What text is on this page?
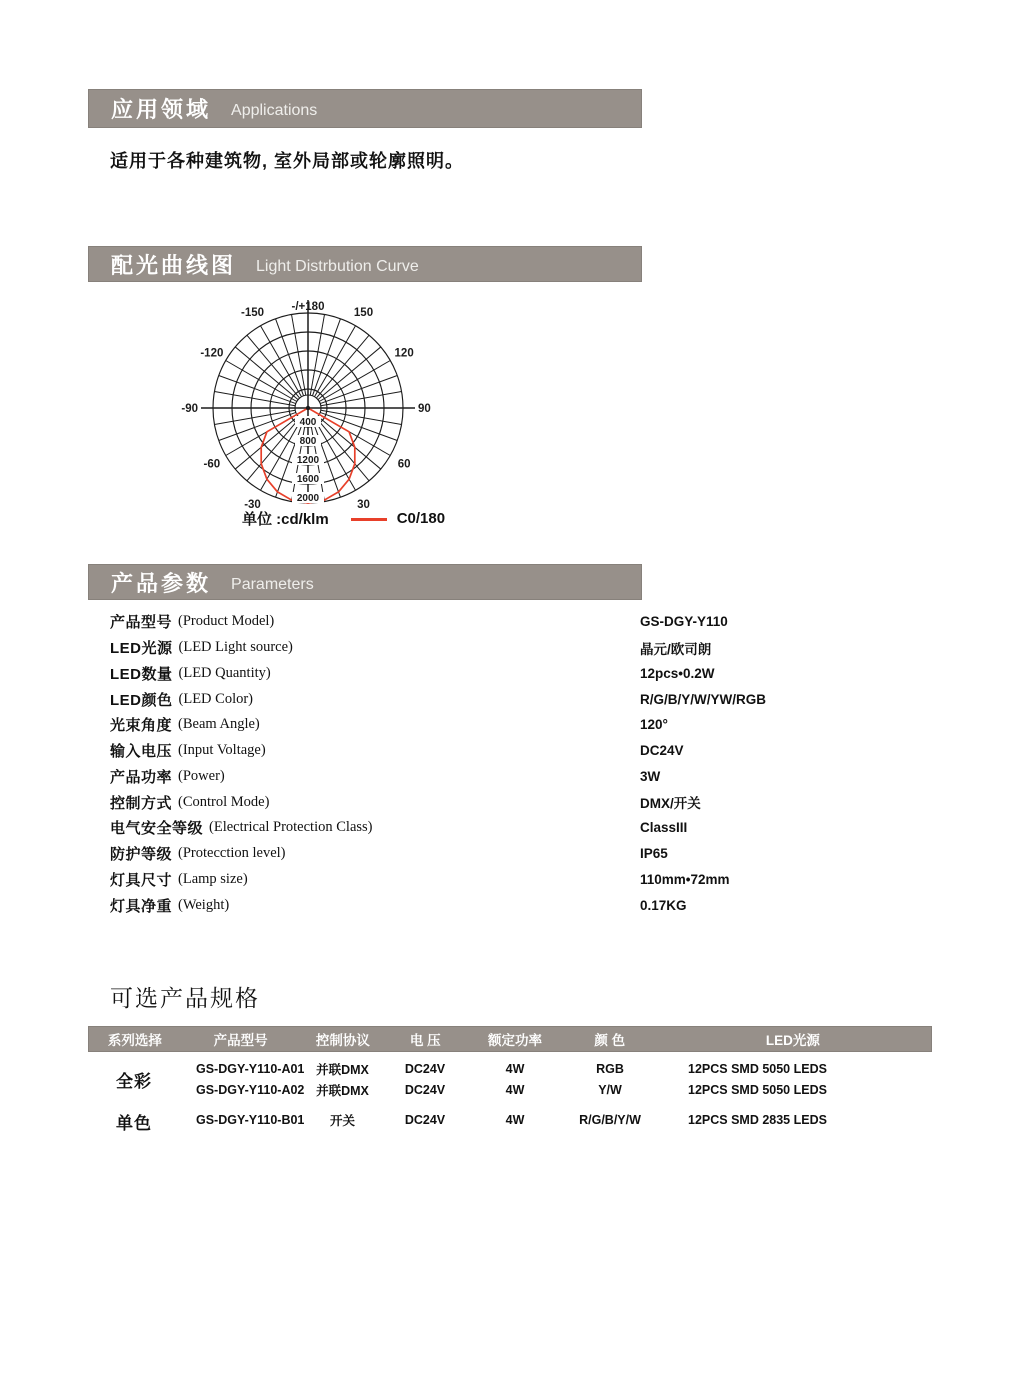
应用领域 Applications
适用于各种建筑物, 室外局部或轮廓照明。
配光曲线图 Light Distrbution Curve
400
800
1200
1600
2000
-/+180	150
120
90
60
30
-30
-60
-90
-120
-150
单位 :cd/klm	C0/180
产品参数 Parameters
产品型号 (Product Model)	GS-DGY-Y110
LED光源 (LED Light source)	晶元/欧司朗
LED数量 (LED Quantity)	12pcs•0.2W
LED颜色 (LED Color)	R/G/B/Y/W/YW/RGB
光束角度 (Beam Angle)	120°
输入电压 (Input Voltage)	DC24V
产品功率 (Power)	3W
控制方式 (Control Mode)	DMX/开关
电气安全等级 (Electrical Protection Class)	ClassIII
防护等级 (Protecction level)	IP65
灯具尺寸 (Lamp size)	110mm•72mm
灯具净重 (Weight)	0.17KG
可选产品规格
系列选择	产品型号	控制协议	电 压	额定功率	颜 色	LED光源
全彩
GS-DGY-Y110-A01 并联DMX	DC24V	4W	RGB	12PCS SMD 5050 LEDS
GS-DGY-Y110-A02 并联DMX	DC24V	4W	Y/W	12PCS SMD 5050 LEDS
单色	GS-DGY-Y110-B01	开关	DC24V	4W	R/G/B/Y/W	12PCS SMD 2835 LEDS
